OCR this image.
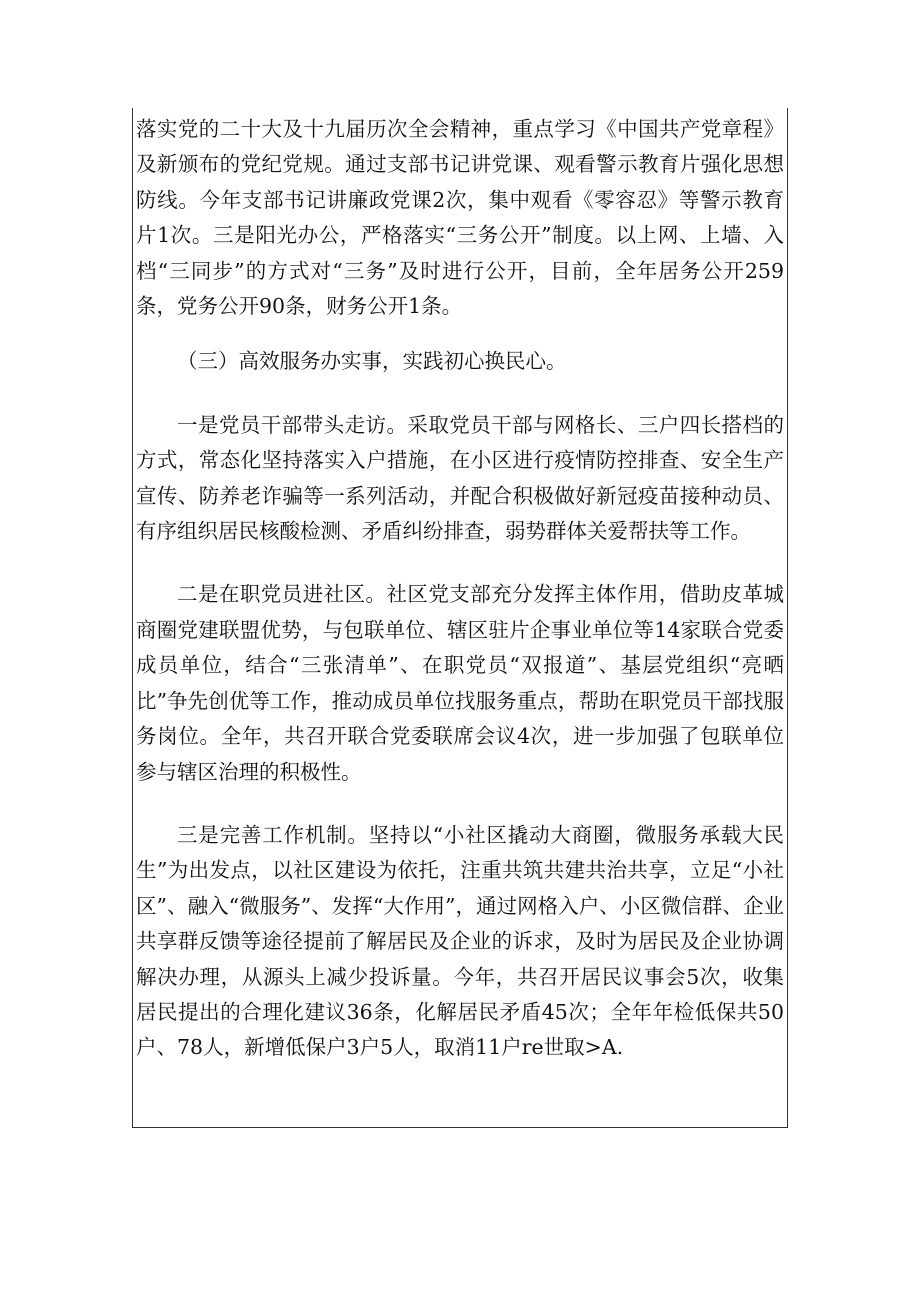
落实党的二十大及十九届历次全会精神，重点学习《中国共产党章程》及新颁布的党纪党规。通过支部书记讲党课、观看警示教育片强化思想防线。今年支部书记讲廉政党课2次，集中观看《零容忍》等警示教育片1次。三是阳光办公，严格落实“三务公开”制度。以上网、上墙、入档“三同步”的方式对“三务”及时进行公开，目前，全年居务公开259条，党务公开90条，财务公开1条。

（三）高效服务办实事，实践初心换民心。

一是党员干部带头走访。采取党员干部与网格长、三户四长搭档的方式，常态化坚持落实入户措施，在小区进行疫情防控排查、安全生产宣传、防养老诈骗等一系列活动，并配合积极做好新冠疫苗接种动员、有序组织居民核酸检测、矛盾纠纷排查，弱势群体关爱帮扶等工作。

二是在职党员进社区。社区党支部充分发挥主体作用，借助皮革城商圈党建联盟优势，与包联单位、辖区驻片企事业单位等14家联合党委成员单位，结合“三张清单”、在职党员“双报道”、基层党组织“亮晒比”争先创优等工作，推动成员单位找服务重点，帮助在职党员干部找服务岗位。全年，共召开联合党委联席会议4次，进一步加强了包联单位参与辖区治理的积极性。

三是完善工作机制。坚持以“小社区撬动大商圈，微服务承载大民生”为出发点，以社区建设为依托，注重共筑共建共治共享，立足“小社区”、融入“微服务”、发挥“大作用”，通过网格入户、小区微信群、企业共享群反馈等途径提前了解居民及企业的诉求，及时为居民及企业协调解决办理，从源头上减少投诉量。今年，共召开居民议事会5次，收集居民提出的合理化建议36条，化解居民矛盾45次；全年年检低保共50户、78人，新增低保户3户5人，取消11户re世取>A.
